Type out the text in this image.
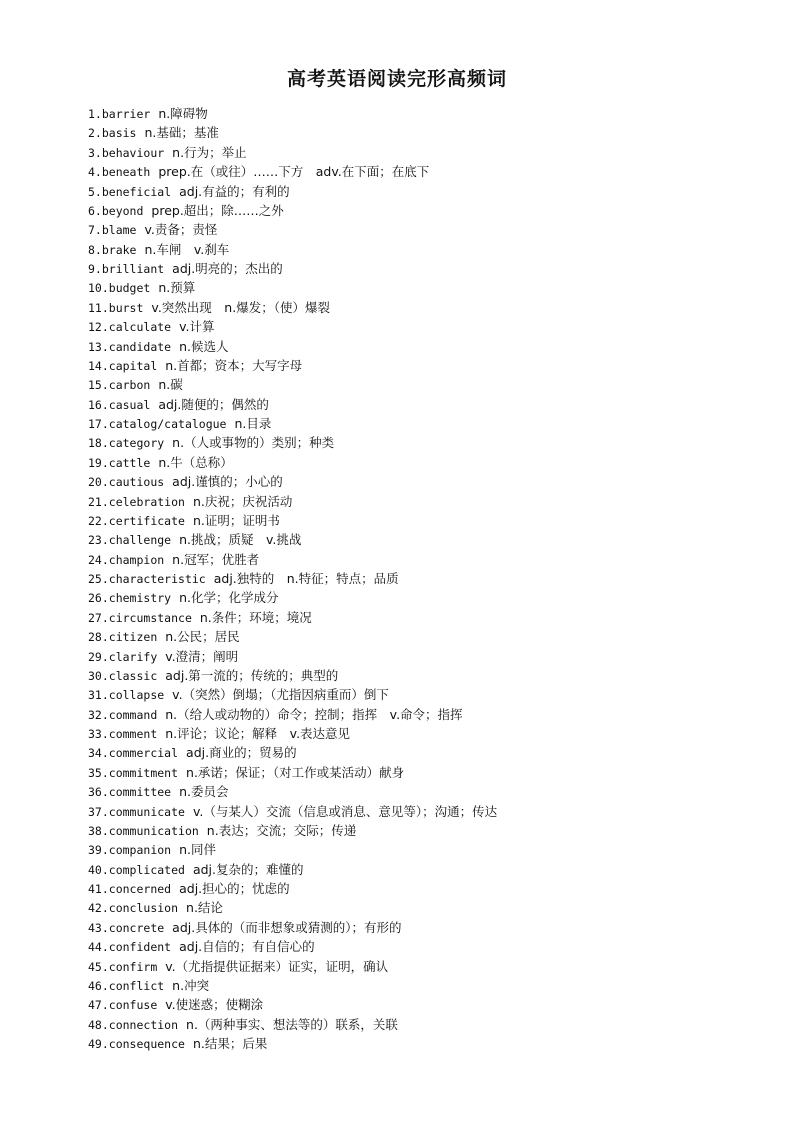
高考英语阅读完形高频词
1.barrier n.障碍物
2.basis n.基础；基准
3.behaviour n.行为；举止
4.beneath prep.在（或往）……下方　adv.在下面；在底下
5.beneficial adj.有益的；有利的
6.beyond prep.超出；除……之外
7.blame v.责备；责怪
8.brake n.车闸　v.刹车
9.brilliant adj.明亮的；杰出的
10.budget n.预算
11.burst v.突然出现　n.爆发；（使）爆裂
12.calculate v.计算
13.candidate n.候选人
14.capital n.首都；资本；大写字母
15.carbon n.碳
16.casual adj.随便的；偶然的
17.catalog/catalogue n.目录
18.category n.（人或事物的）类别；种类
19.cattle n.牛（总称）
20.cautious adj.谨慎的；小心的
21.celebration n.庆祝；庆祝活动
22.certificate n.证明；证明书
23.challenge n.挑战；质疑　v.挑战
24.champion n.冠军；优胜者
25.characteristic adj.独特的　n.特征；特点；品质
26.chemistry n.化学；化学成分
27.circumstance n.条件；环境；境况
28.citizen n.公民；居民
29.clarify v.澄清；阐明
30.classic adj.第一流的；传统的；典型的
31.collapse v.（突然）倒塌；（尤指因病重而）倒下
32.command n.（给人或动物的）命令；控制；指挥　v.命令；指挥
33.comment n.评论；议论；解释　v.表达意见
34.commercial adj.商业的；贸易的
35.commitment n.承诺；保证；（对工作或某活动）献身
36.committee n.委员会
37.communicate v.（与某人）交流（信息或消息、意见等）；沟通；传达
38.communication n.表达；交流；交际；传递
39.companion n.同伴
40.complicated adj.复杂的；难懂的
41.concerned adj.担心的；忧虑的
42.conclusion n.结论
43.concrete adj.具体的（而非想象或猜测的）；有形的
44.confident adj.自信的；有自信心的
45.confirm v.（尤指提供证据来）证实，证明，确认
46.conflict n.冲突
47.confuse v.使迷惑；使糊涂
48.connection n.（两种事实、想法等的）联系，关联
49.consequence n.结果；后果
